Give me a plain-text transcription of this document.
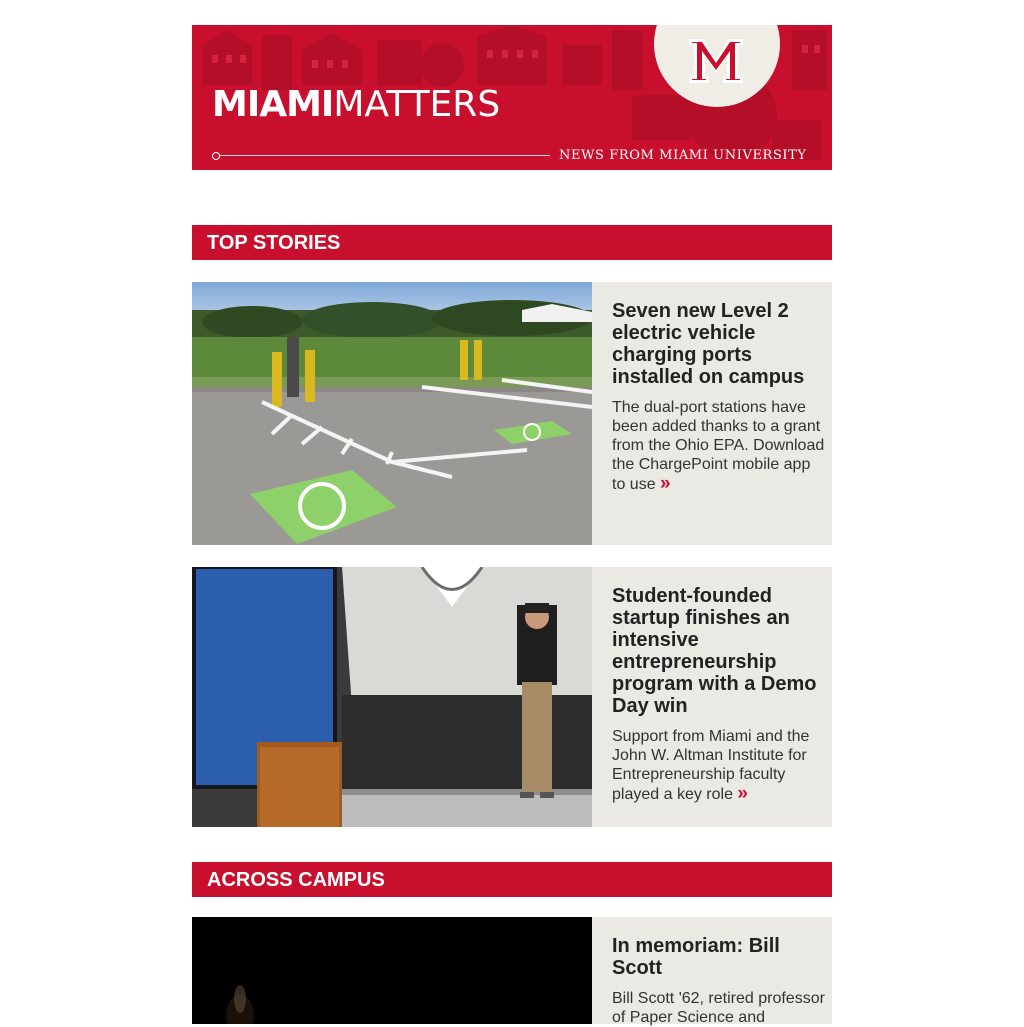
MIAMIMATTERS
NEWS FROM MIAMI UNIVERSITY
TOP STORIES

Seven new Level 2 electric vehicle charging ports installed on campus

The dual-port stations have been added thanks to a grant from the Ohio EPA. Download the ChargePoint mobile app to use »

Student-founded startup finishes an intensive entrepreneurship program with a Demo Day win

Support from Miami and the John W. Altman Institute for Entrepreneurship faculty played a key role »

ACROSS CAMPUS

In memoriam: Bill Scott

Bill Scott '62, retired professor of Paper Science and
